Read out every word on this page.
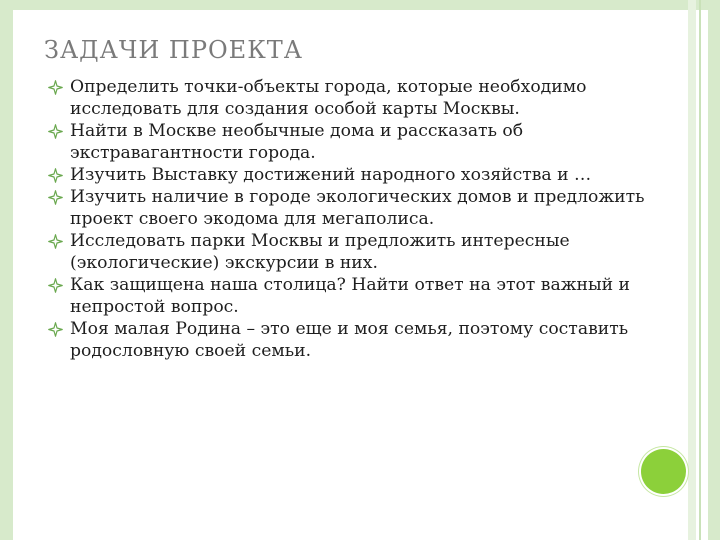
ЗАДАЧИ ПРОЕКТА
Определить точки-объекты города, которые необходимо исследовать для создания особой карты Москвы.
Найти в Москве необычные дома и рассказать об экстравагантности города.
Изучить Выставку достижений народного хозяйства и …
Изучить наличие в городе экологических домов и предложить проект своего экодома для мегаполиса.
Исследовать парки Москвы и предложить интересные (экологические) экскурсии в них.
Как защищена наша столица? Найти ответ на этот важный и непростой вопрос.
Моя малая Родина – это еще и моя семья, поэтому составить родословную своей семьи.
